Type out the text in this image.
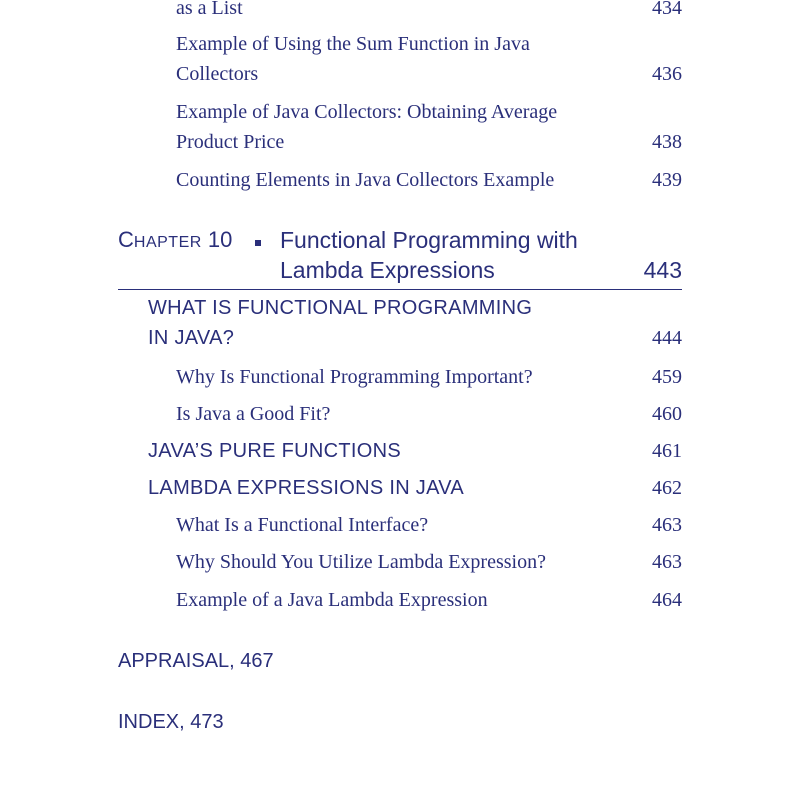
as a List	434
Example of Using the Sum Function in Java
Collectors	436
Example of Java Collectors: Obtaining Average
Product Price	438
Counting Elements in Java Collectors Example	439
CHAPTER 10 Functional Programming with
Lambda Expressions	443
WHAT IS FUNCTIONAL PROGRAMMING
IN JAVA?	444
Why Is Functional Programming Important?	459
Is Java a Good Fit?	460
JAVA’S PURE FUNCTIONS	461
LAMBDA EXPRESSIONS IN JAVA	462
What Is a Functional Interface?	463
Why Should You Utilize Lambda Expression?	463
Example of a Java Lambda Expression	464
APPRAISAL, 467
INDEX, 473
